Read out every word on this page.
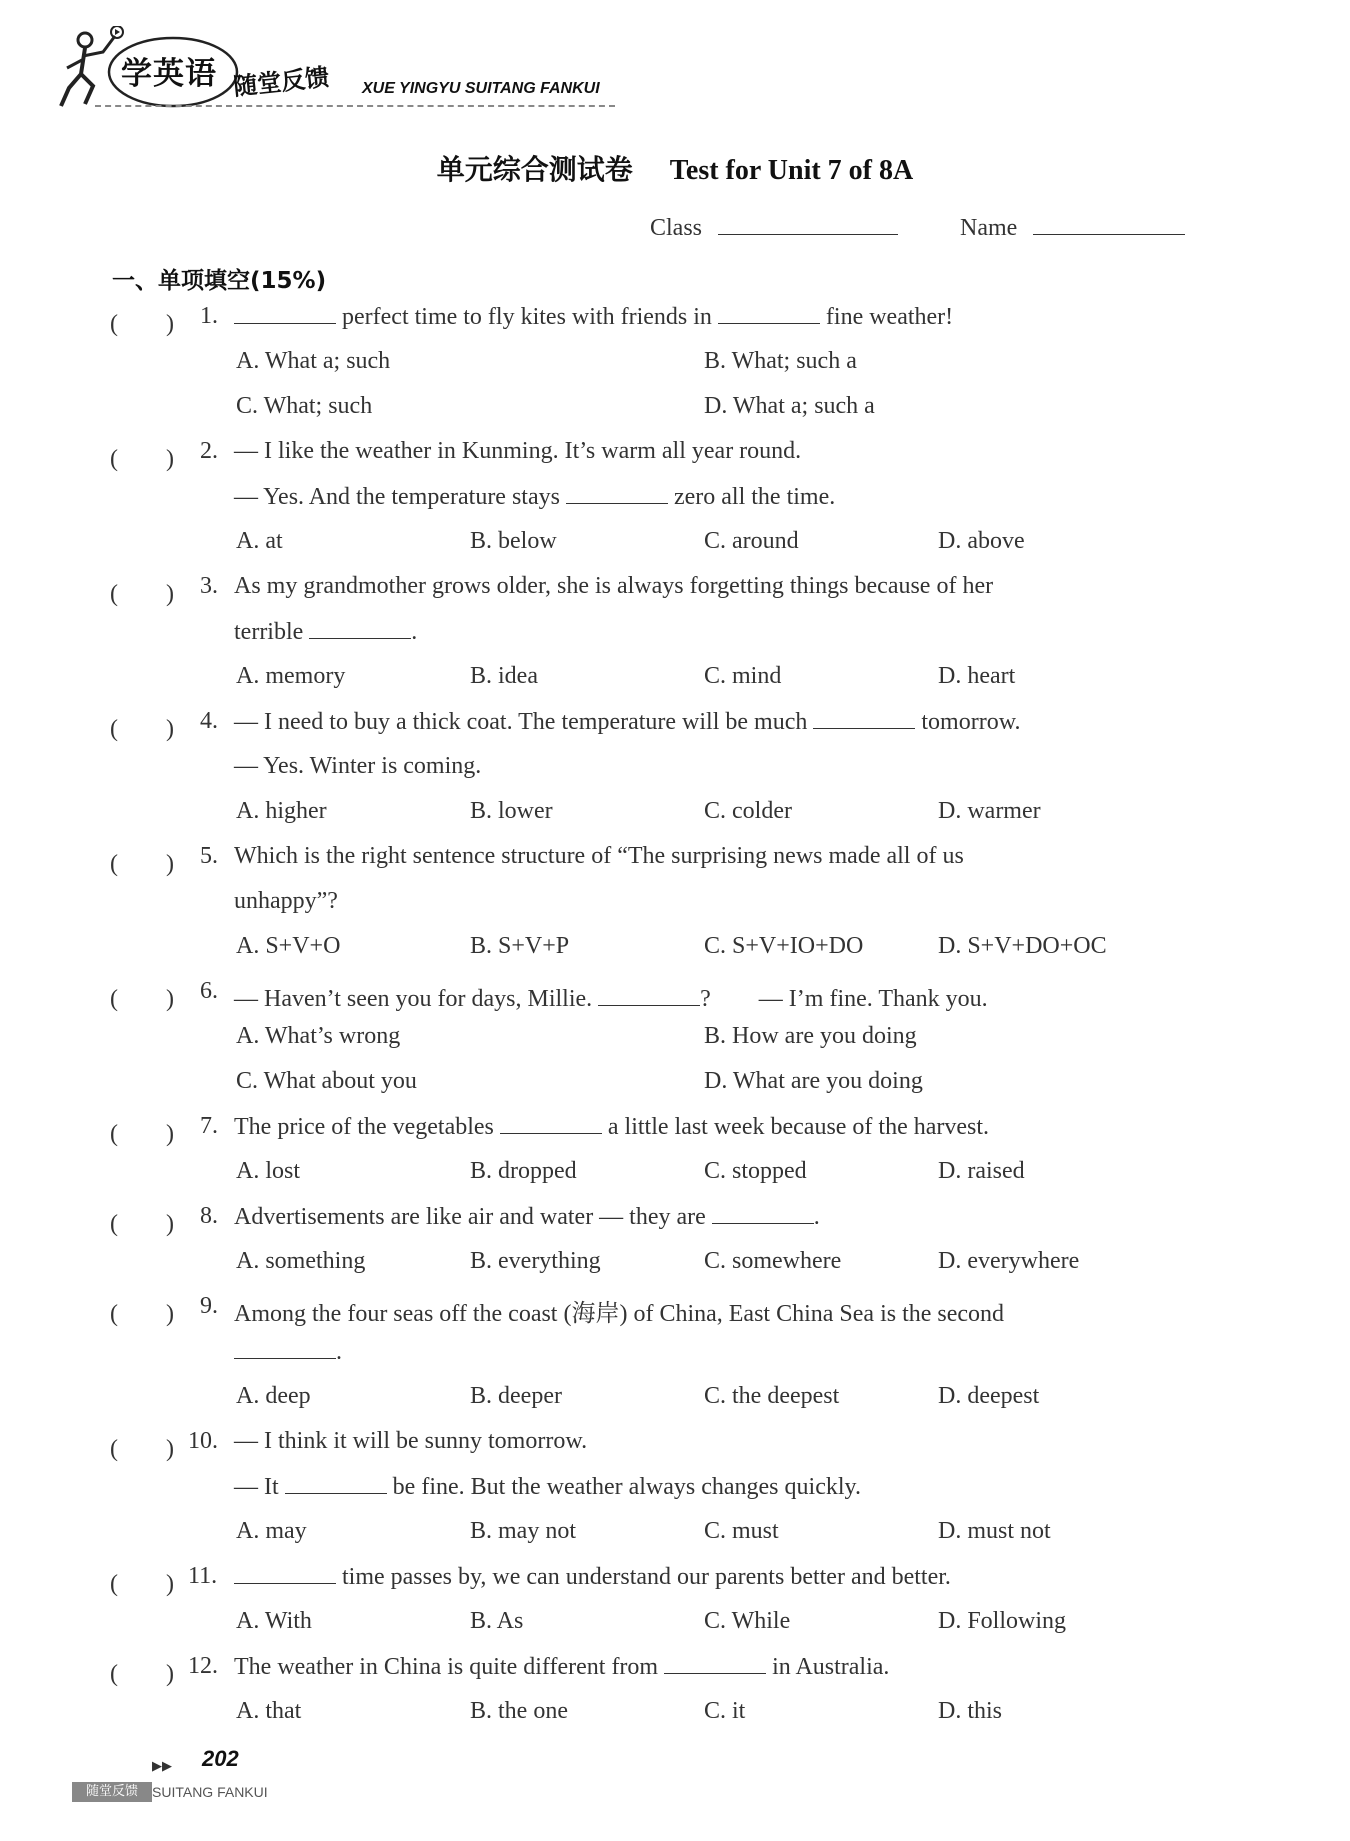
学英语 随堂反馈 XUE YINGYU SUITANG FANKUI
单元综合测试卷 Test for Unit 7 of 8A
Class	Name
一、单项填空(15%)
(　　) 1.	perfect time to fly kites with friends in	fine weather!
A. What a; such	B. What; such a
C. What; such	D. What a; such a
(　　) 2. — I like the weather in Kunming. It’s warm all year round.
— Yes. And the temperature stays	zero all the time.
A. at	B. below	C. around	D. above
(　　) 3. As my grandmother grows older, she is always forgetting things because of her
terrible	.
A. memory	B. idea	C. mind	D. heart
(　　) 4. — I need to buy a thick coat. The temperature will be much	tomorrow.
— Yes. Winter is coming.
A. higher	B. lower	C. colder	D. warmer
(　　) 5. Which is the right sentence structure of “The surprising news made all of us
unhappy”?
A. S+V+O	B. S+V+P	C. S+V+IO+DO	D. S+V+DO+OC
(　　) 6. — Haven’t seen you for days, Millie.	?　　— I’m fine. Thank you.
A. What’s wrong	B. How are you doing
C. What about you	D. What are you doing
(　　) 7. The price of the vegetables	a little last week because of the harvest.
A. lost	B. dropped	C. stopped	D. raised
(　　) 8. Advertisements are like air and water — they are	.
A. something	B. everything	C. somewhere	D. everywhere
(　　) 9. Among the four seas off the coast (海岸) of China, East China Sea is the second
.
A. deep	B. deeper	C. the deepest	D. deepest
(　　) 10. — I think it will be sunny tomorrow.
— It	be fine. But the weather always changes quickly.
A. may	B. may not	C. must	D. must not
(　　) 11.	time passes by, we can understand our parents better and better.
A. With	B. As	C. While	D. Following
(　　) 12. The weather in China is quite different from	in Australia.
A. that	B. the one	C. it	D. this
▶▶ 202
随堂反馈	SUITANG FANKUI
